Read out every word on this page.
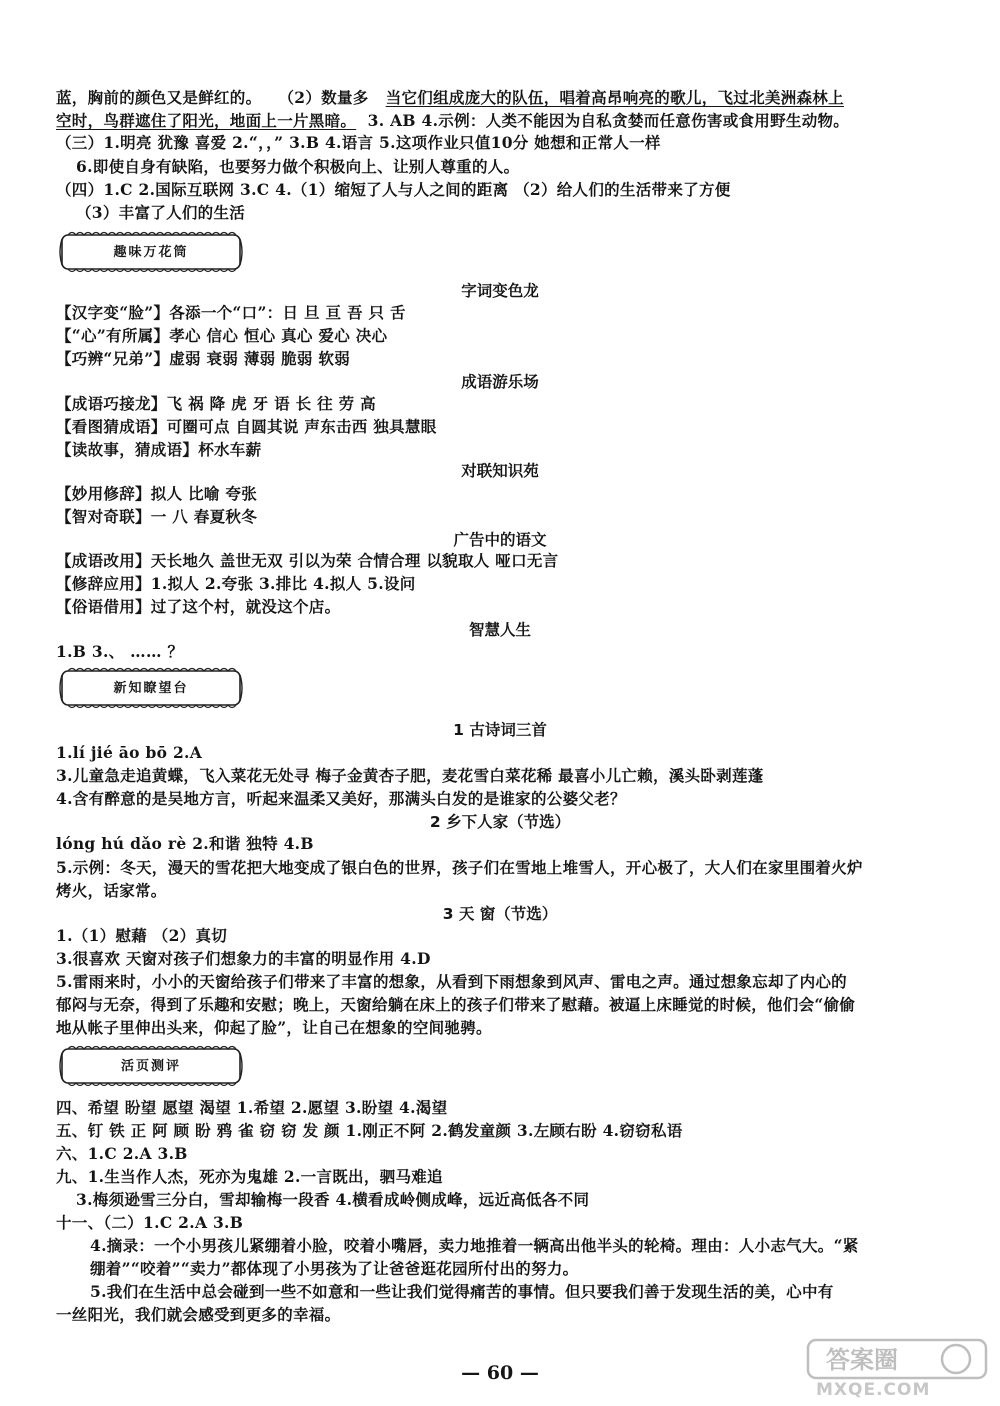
蓝，胸前的颜色又是鲜红的。 （2）数量多 当它们组成庞大的队伍，唱着高昂响亮的歌儿，飞过北美洲森林上
空时，鸟群遮住了阳光，地面上一片黑暗。 3. AB 4.示例：人类不能因为自私贪婪而任意伤害或食用野生动物。
（三）1.明亮 犹豫 喜爱 2.“，，” 3.B 4.语言 5.这项作业只值10分 她想和正常人一样
6.即使自身有缺陷，也要努力做个积极向上、让别人尊重的人。
（四）1.C 2.国际互联网 3.C 4.（1）缩短了人与人之间的距离 （2）给人们的生活带来了方便
（3）丰富了人们的生活
趣味万花筒
字词变色龙
【汉字变“脸”】各添一个“口”：日 旦 亘 吾 只 舌
【“心”有所属】孝心 信心 恒心 真心 爱心 决心
【巧辨“兄弟”】虚弱 衰弱 薄弱 脆弱 软弱
成语游乐场
【成语巧接龙】飞 祸 降 虎 牙 语 长 往 劳 高
【看图猜成语】可圈可点 自圆其说 声东击西 独具慧眼
【读故事，猜成语】杯水车薪
对联知识苑
【妙用修辞】拟人 比喻 夸张
【智对奇联】一 八 春夏秋冬
广告中的语文
【成语改用】天长地久 盖世无双 引以为荣 合情合理 以貌取人 哑口无言
【修辞应用】1.拟人 2.夸张 3.排比 4.拟人 5.设问
【俗语借用】过了这个村，就没这个店。
智慧人生
1.B 3.、 …… ？
新知瞭望台
1 古诗词三首
1.lí jié āo bō 2.A
3.儿童急走追黄蝶，飞入菜花无处寻 梅子金黄杏子肥，麦花雪白菜花稀 最喜小儿亡赖，溪头卧剥莲蓬
4.含有醉意的是吴地方言，听起来温柔又美好，那满头白发的是谁家的公婆父老？
2 乡下人家（节选）
lóng hú dǎo rè 2.和谐 独特 4.B
5.示例：冬天，漫天的雪花把大地变成了银白色的世界，孩子们在雪地上堆雪人，开心极了，大人们在家里围着火炉
烤火，话家常。
3 天 窗（节选）
1.（1）慰藉 （2）真切
3.很喜欢 天窗对孩子们想象力的丰富的明显作用 4.D
5.雷雨来时，小小的天窗给孩子们带来了丰富的想象，从看到下雨想象到风声、雷电之声。通过想象忘却了内心的
郁闷与无奈，得到了乐趣和安慰；晚上，天窗给躺在床上的孩子们带来了慰藉。被逼上床睡觉的时候，他们会“偷偷
地从帐子里伸出头来，仰起了脸”，让自己在想象的空间驰骋。
活页测评
四、希望 盼望 愿望 渴望 1.希望 2.愿望 3.盼望 4.渴望
五、钉 铁 正 阿 顾 盼 鸦 雀 窃 窃 发 颜 1.刚正不阿 2.鹤发童颜 3.左顾右盼 4.窃窃私语
六、1.C 2.A 3.B
九、1.生当作人杰，死亦为鬼雄 2.一言既出，驷马难追
3.梅须逊雪三分白，雪却输梅一段香 4.横看成岭侧成峰，远近高低各不同
十一、（二）1.C 2.A 3.B
4.摘录：一个小男孩儿紧绷着小脸，咬着小嘴唇，卖力地推着一辆高出他半头的轮椅。理由：人小志气大。“紧
绷着”“咬着”“卖力”都体现了小男孩为了让爸爸逛花园所付出的努力。
5.我们在生活中总会碰到一些不如意和一些让我们觉得痛苦的事情。但只要我们善于发现生活的美，心中有
一丝阳光，我们就会感受到更多的幸福。
— 60 —	答案圈
MXQE.COM
